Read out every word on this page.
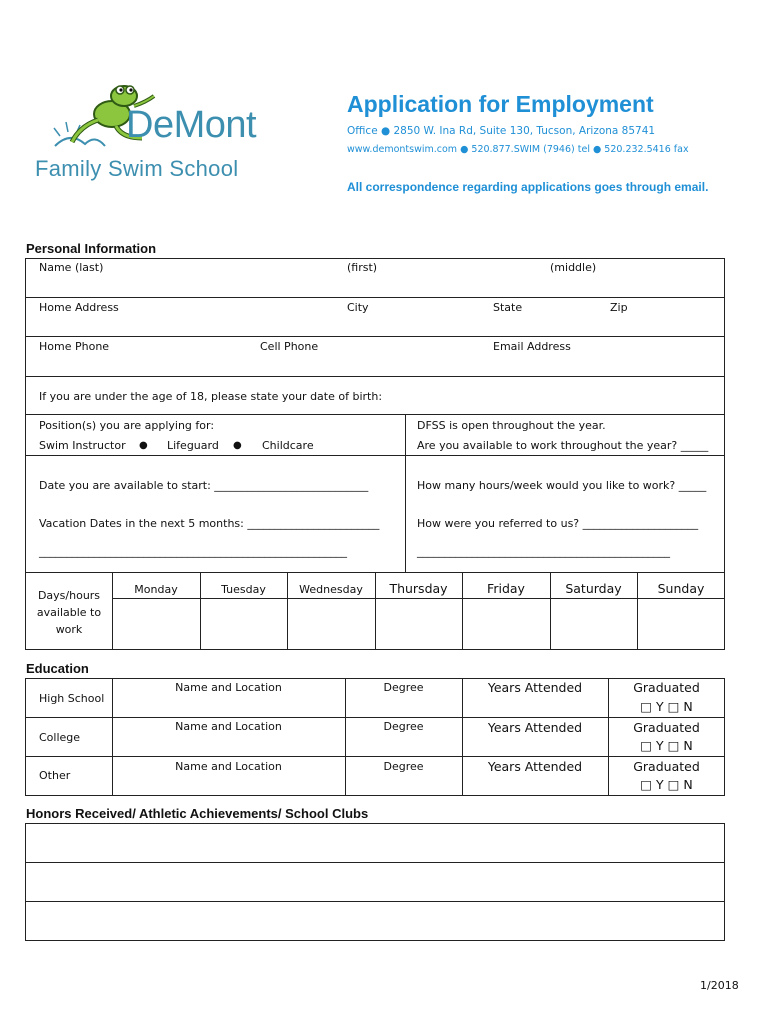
DeMont
Family Swim School
Application for Employment
Office ● 2850 W. Ina Rd, Suite 130, Tucson, Arizona 85741
www.demontswim.com ● 520.877.SWIM (7946) tel ● 520.232.5416 fax
All correspondence regarding applications goes through email.
Personal Information
Name (last)	(first)	(middle)
Home Address	City	State	Zip
Home Phone	Cell Phone	Email Address
If you are under the age of 18, please state your date of birth:
Position(s) you are applying for:
Swim Instructor ● Lifeguard ● Childcare
DFSS is open throughout the year.
Are you available to work throughout the year? _____
Date you are available to start: ____________________________	How many hours/week would you like to work? _____
Vacation Dates in the next 5 months: ________________________	How were you referred to us? _____________________
________________________________________________________	______________________________________________
Days/hours
available to
work
Monday	Tuesday	Wednesday	Thursday	Friday	Saturday	Sunday
Education
High School
Name and Location	Degree	Years Attended	Graduated
□ Y □ N
College
Name and Location	Degree	Years Attended	Graduated
□ Y □ N
Other
Name and Location	Degree	Years Attended	Graduated
□ Y □ N
Honors Received/ Athletic Achievements/ School Clubs
1/2018
